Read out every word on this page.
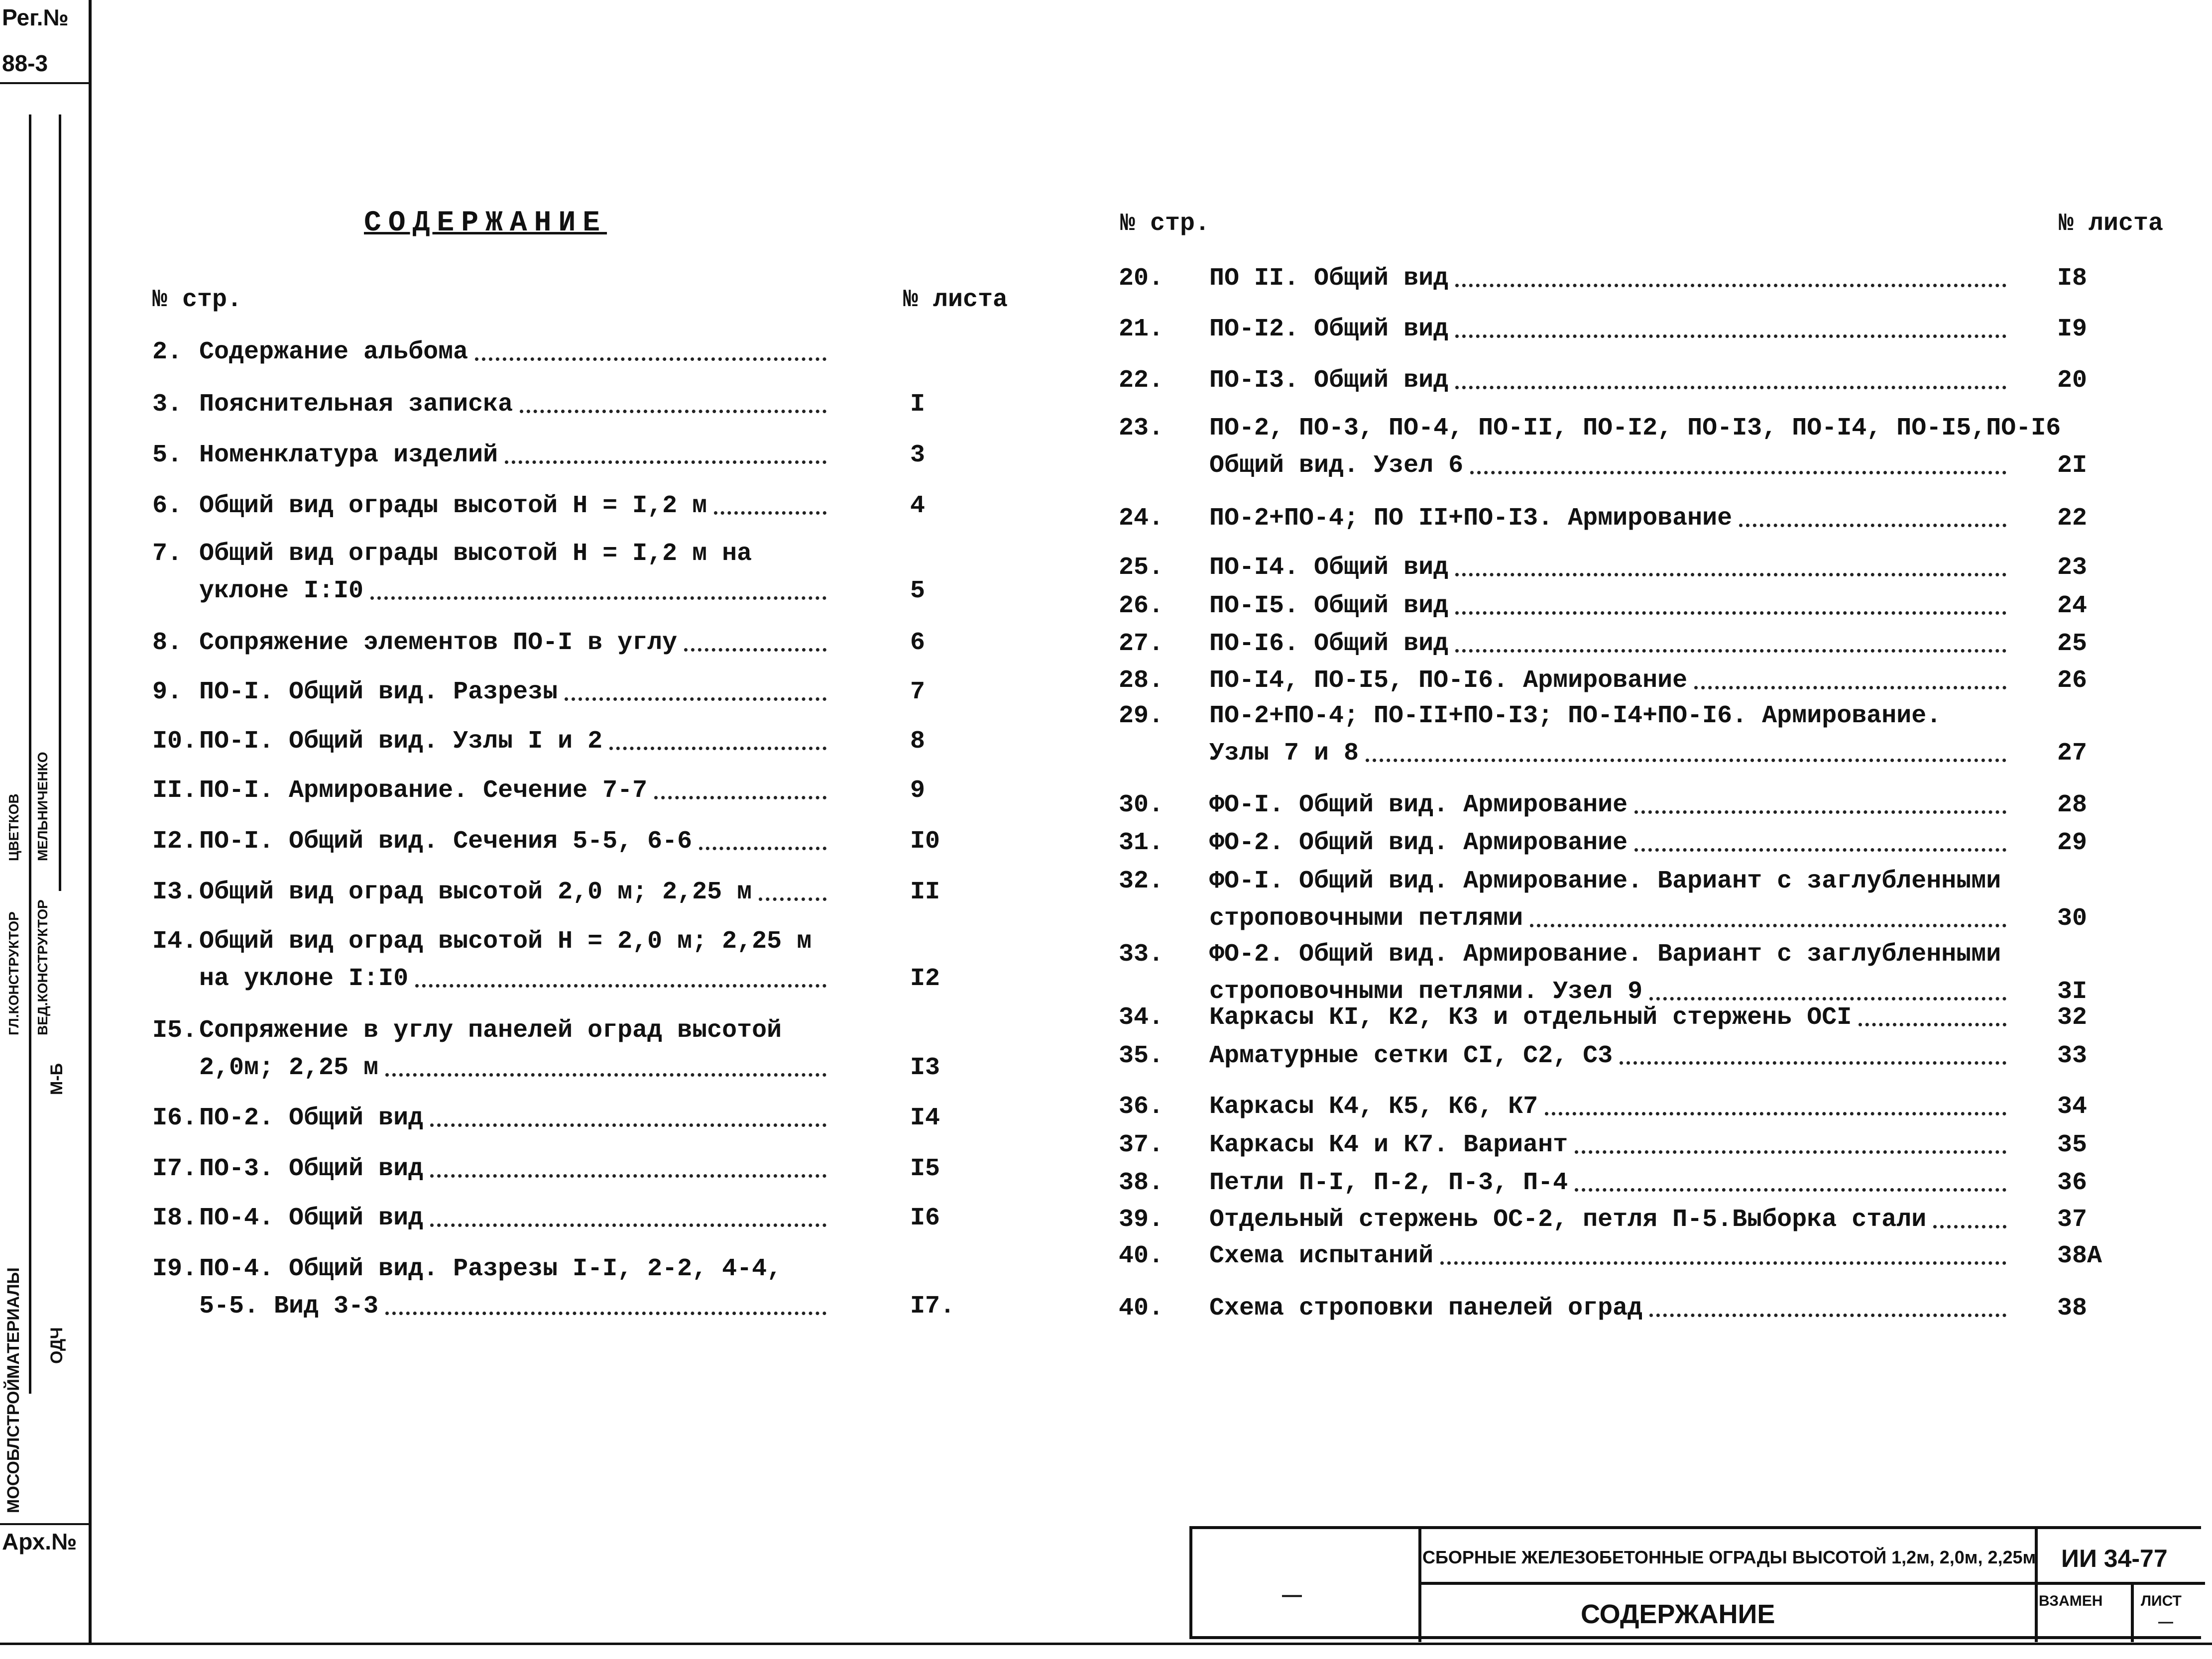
Рег.№
88-3
Арх.№
МОСОБЛСТРОЙМАТЕРИАЛЫ ОДЧ
М-Б
ГЛ.КОНСТРУКТОР
ЦВЕТКОВ
ВЕД.КОНСТРУКТОР
МЕЛЬНИЧЕНКО
СОДЕРЖАНИЕ
№ стр.	№ листа
№ стр.	№ листа
2. Содержание альбома
3. Пояснительная записка	I
5. Номенклатура изделий	3
6. Общий вид ограды высотой Н = I,2 м	4
7. Общий вид ограды высотой Н = I,2 м на
уклоне I:I0	5
8. Сопряжение элементов ПО-I в углу	6
9. ПО-I. Общий вид. Разрезы	7
I0. ПО-I. Общий вид. Узлы I и 2	8
II. ПО-I. Армирование. Сечение 7-7	9
I2. ПО-I. Общий вид. Сечения 5-5, 6-6	I0
I3. Общий вид оград высотой 2,0 м; 2,25 м	II
I4. Общий вид оград высотой Н = 2,0 м; 2,25 м
на уклоне I:I0	I2
I5. Сопряжение в углу панелей оград высотой
2,0м; 2,25 м	I3
I6. ПО-2. Общий вид	I4
I7. ПО-3. Общий вид	I5
I8. ПО-4. Общий вид	I6
I9. ПО-4. Общий вид. Разрезы I-I, 2-2, 4-4,
5-5. Вид 3-3	I7.
20. ПО II. Общий вид	I8
21. ПО-I2. Общий вид	I9
22. ПО-I3. Общий вид	20
23. ПО-2, ПО-3, ПО-4, ПО-II, ПО-I2, ПО-I3, ПО-I4, ПО-I5,ПО-I6
Общий вид. Узел 6	2I
24. ПО-2+ПО-4; ПО II+ПО-I3. Армирование	22
25. ПО-I4. Общий вид	23
26. ПО-I5. Общий вид	24
27. ПО-I6. Общий вид	25
28. ПО-I4, ПО-I5, ПО-I6. Армирование	26
29. ПО-2+ПО-4; ПО-II+ПО-I3; ПО-I4+ПО-I6. Армирование.
Узлы 7 и 8	27
30. ФО-I. Общий вид. Армирование	28
31. ФО-2. Общий вид. Армирование	29
32. ФО-I. Общий вид. Армирование. Вариант с заглубленными
строповочными петлями	30
33. ФО-2. Общий вид. Армирование. Вариант с заглубленными
строповочными петлями. Узел 9	3I
34. Каркасы КI, К2, К3 и отдельный стержень ОСI	32
35. Арматурные сетки СI, С2, С3	33
36. Каркасы К4, К5, К6, К7	34
37. Каркасы К4 и К7. Вариант	35
38. Петли П-I, П-2, П-3, П-4	36
39. Отдельный стержень ОС-2, петля П-5.Выборка стали	37
40. Схема испытаний	38А
40. Схема строповки панелей оград	38
—
СБОРНЫЕ ЖЕЛЕЗОБЕТОННЫЕ ОГРАДЫ ВЫСОТОЙ 1,2м, 2,0м, 2,25м ИИ 34-77
СОДЕРЖАНИЕ	ВЗАМЕН	ЛИСТ
—
